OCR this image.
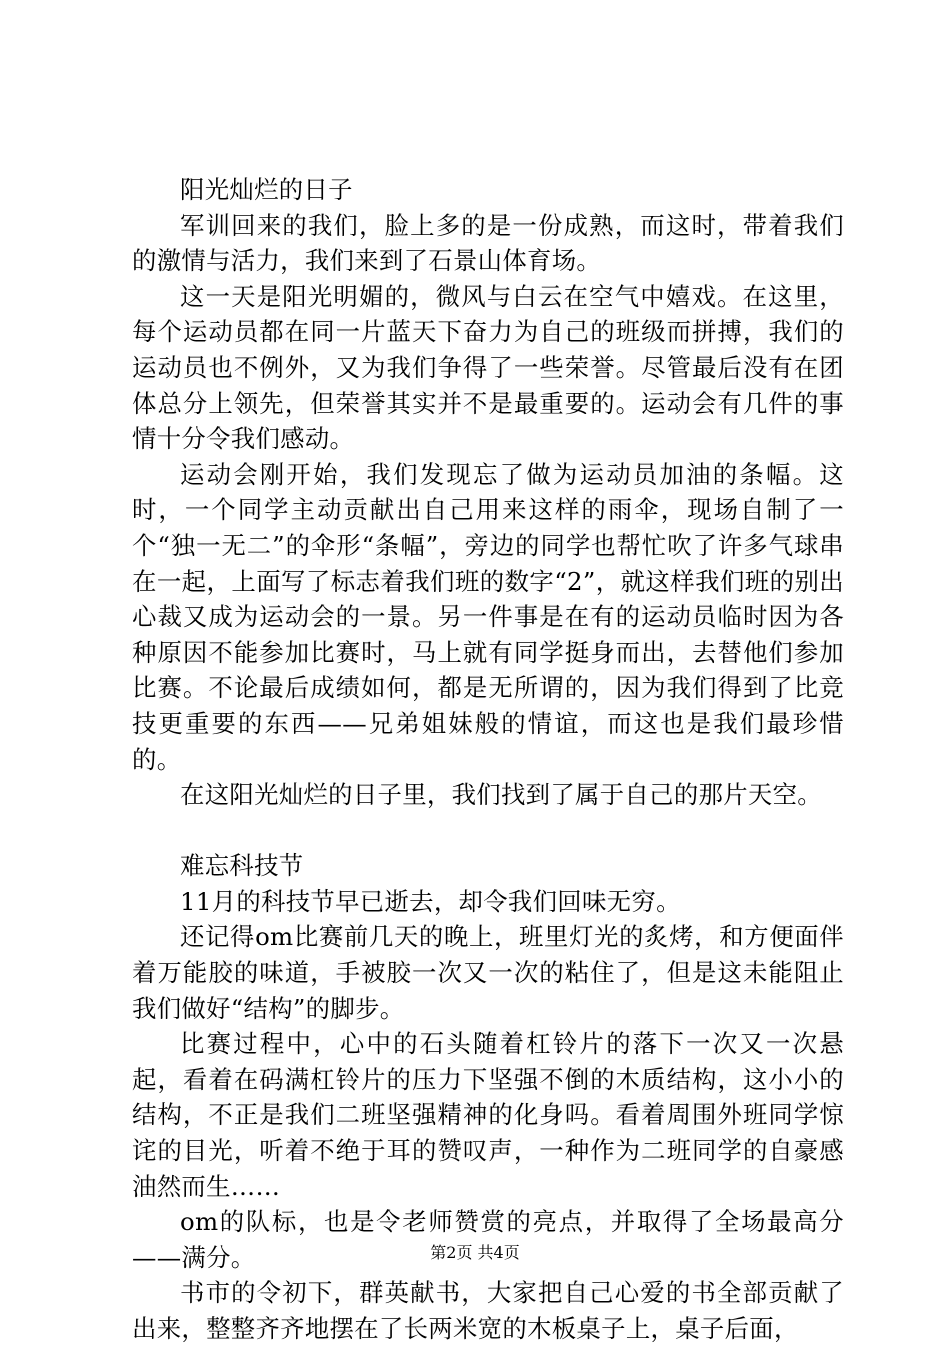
阳光灿烂的日子

军训回来的我们，脸上多的是一份成熟，而这时，带着我们的激情与活力，我们来到了石景山体育场。

这一天是阳光明媚的，微风与白云在空气中嬉戏。在这里，每个运动员都在同一片蓝天下奋力为自己的班级而拼搏，我们的运动员也不例外，又为我们争得了一些荣誉。尽管最后没有在团体总分上领先，但荣誉其实并不是最重要的。运动会有几件的事情十分令我们感动。

运动会刚开始，我们发现忘了做为运动员加油的条幅。这时，一个同学主动贡献出自己用来这样的雨伞，现场自制了一个“独一无二”的伞形“条幅”，旁边的同学也帮忙吹了许多气球串在一起，上面写了标志着我们班的数字“2”，就这样我们班的别出心裁又成为运动会的一景。另一件事是在有的运动员临时因为各种原因不能参加比赛时，马上就有同学挺身而出，去替他们参加比赛。不论最后成绩如何，都是无所谓的，因为我们得到了比竞技更重要的东西——兄弟姐妹般的情谊，而这也是我们最珍惜的。

在这阳光灿烂的日子里，我们找到了属于自己的那片天空。

难忘科技节

11月的科技节早已逝去，却令我们回味无穷。

还记得om比赛前几天的晚上，班里灯光的炙烤，和方便面伴着万能胶的味道，手被胶一次又一次的粘住了，但是这未能阻止我们做好“结构”的脚步。

比赛过程中，心中的石头随着杠铃片的落下一次又一次悬起，看着在码满杠铃片的压力下坚强不倒的木质结构，这小小的结构，不正是我们二班坚强精神的化身吗。看着周围外班同学惊诧的目光，听着不绝于耳的赞叹声，一种作为二班同学的自豪感油然而生……

om的队标，也是令老师赞赏的亮点，并取得了全场最高分——满分。

书市的令初下，群英献书，大家把自己心爱的书全部贡献了出来，整整齐齐地摆在了长两米宽的木板桌子上，桌子后面，

第2页 共4页
